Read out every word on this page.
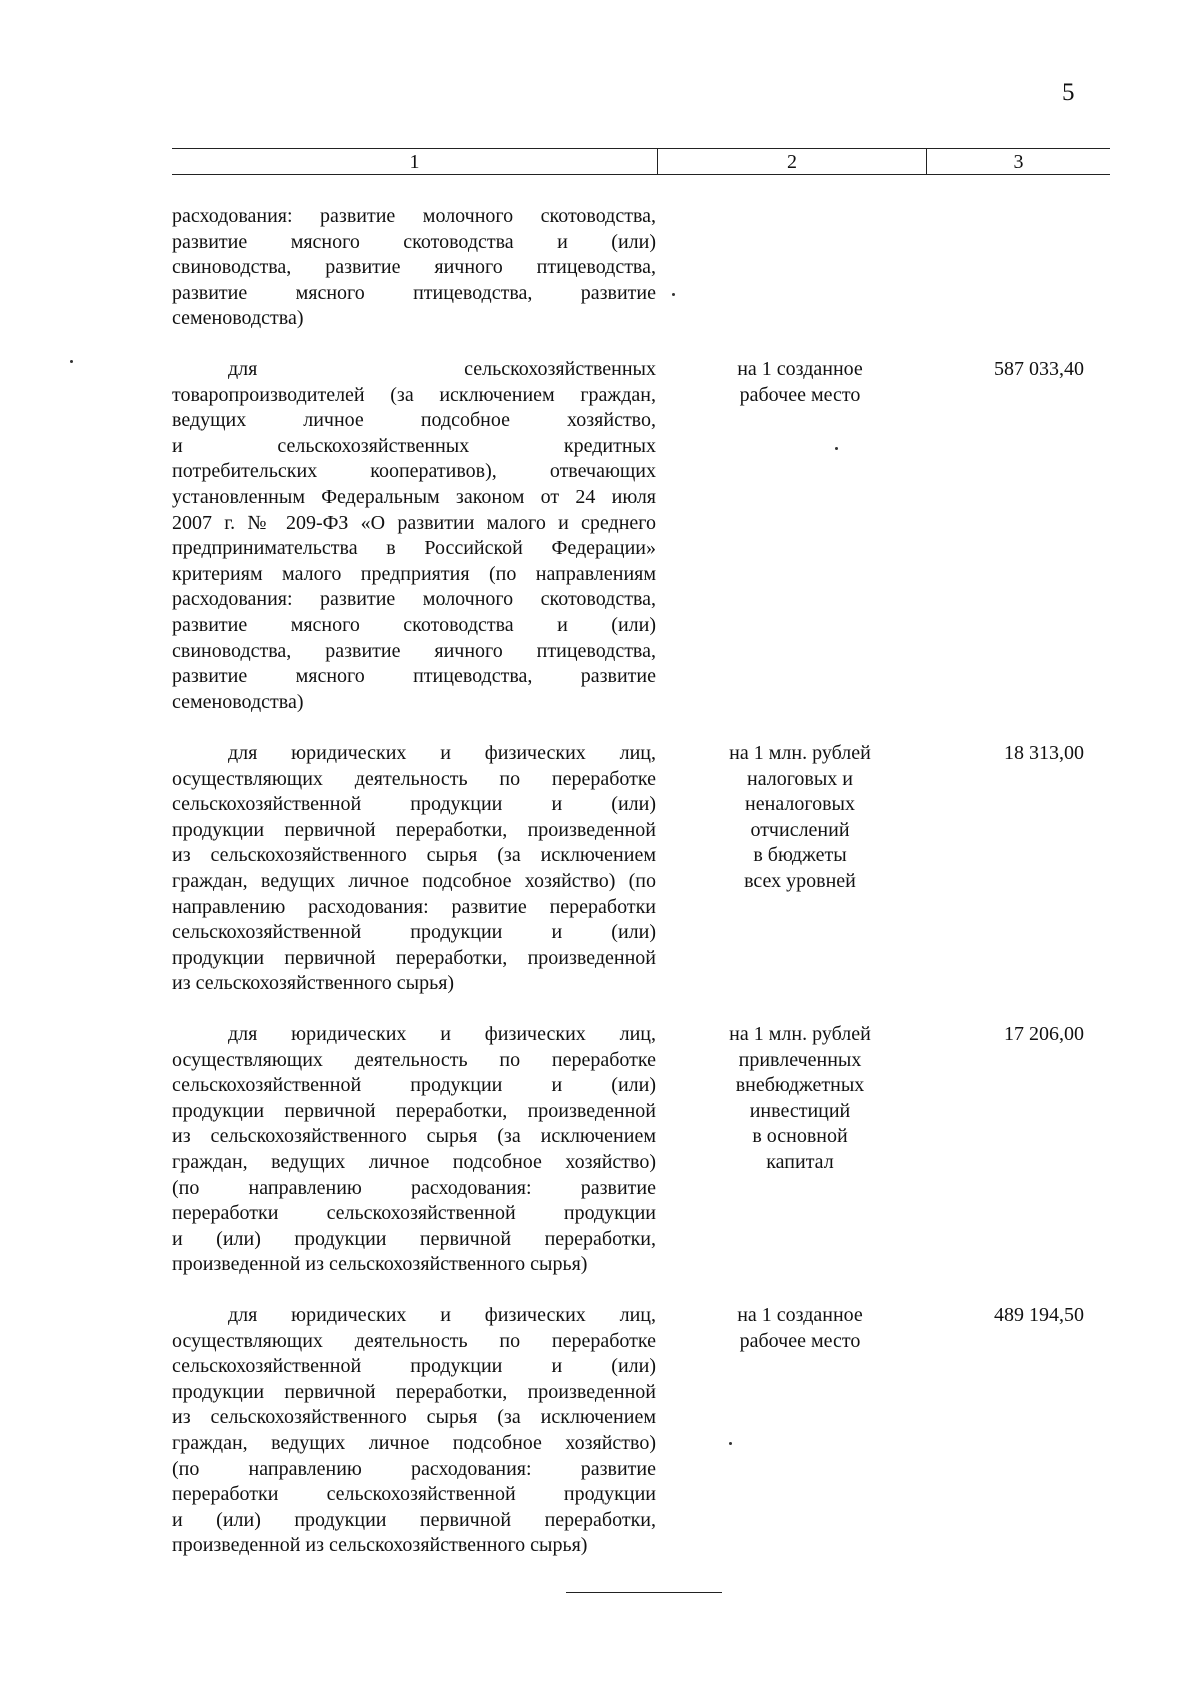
5
1	2	3
расходования: развитие молочного скотоводства,
развитие мясного скотоводства и (или)
свиноводства, развитие яичного птицеводства,
развитие мясного птицеводства, развитие
семеноводства)
для сельскохозяйственных
товаропроизводителей (за исключением граждан,
ведущих личное подсобное хозяйство,
и сельскохозяйственных кредитных
потребительских кооперативов), отвечающих
установленным Федеральным законом от 24 июля
2007 г. № 209-ФЗ «О развитии малого и среднего
предпринимательства в Российской Федерации»
критериям малого предприятия (по направлениям
расходования: развитие молочного скотоводства,
развитие мясного скотоводства и (или)
свиноводства, развитие яичного птицеводства,
развитие мясного птицеводства, развитие
семеноводства)
на 1 созданное
рабочее место
587 033,40
для юридических и физических лиц,
осуществляющих деятельность по переработке
сельскохозяйственной продукции и (или)
продукции первичной переработки, произведенной
из сельскохозяйственного сырья (за исключением
граждан, ведущих личное подсобное хозяйство) (по
направлению расходования: развитие переработки
сельскохозяйственной продукции и (или)
продукции первичной переработки, произведенной
из сельскохозяйственного сырья)
на 1 млн. рублей
налоговых и
неналоговых
отчислений
в бюджеты
всех уровней
18 313,00
для юридических и физических лиц,
осуществляющих деятельность по переработке
сельскохозяйственной продукции и (или)
продукции первичной переработки, произведенной
из сельскохозяйственного сырья (за исключением
граждан, ведущих личное подсобное хозяйство)
(по направлению расходования: развитие
переработки сельскохозяйственной продукции
и (или) продукции первичной переработки,
произведенной из сельскохозяйственного сырья)
на 1 млн. рублей
привлеченных
внебюджетных
инвестиций
в основной
капитал
17 206,00
для юридических и физических лиц,
осуществляющих деятельность по переработке
сельскохозяйственной продукции и (или)
продукции первичной переработки, произведенной
из сельскохозяйственного сырья (за исключением
граждан, ведущих личное подсобное хозяйство)
(по направлению расходования: развитие
переработки сельскохозяйственной продукции
и (или) продукции первичной переработки,
произведенной из сельскохозяйственного сырья)
на 1 созданное
рабочее место
489 194,50
